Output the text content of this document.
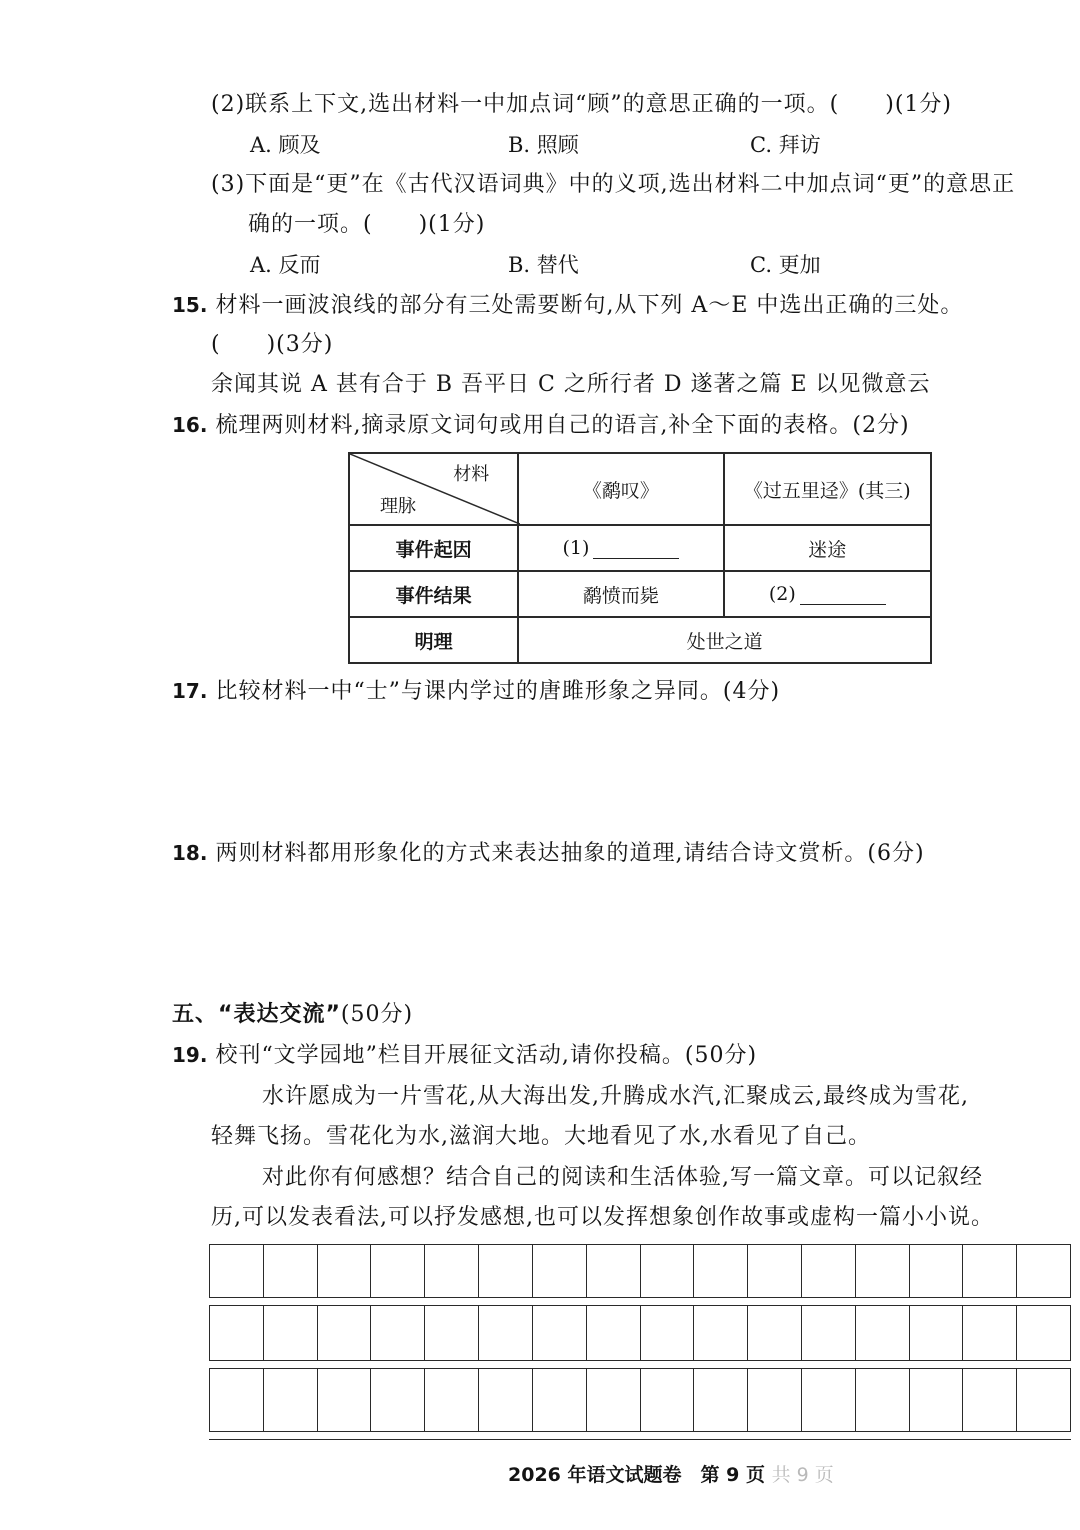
(2)联系上下文,选出材料一中加点词“顾”的意思正确的一项。(　　)(1分)
A. 顾及	B. 照顾	C. 拜访
(3)下面是“更”在《古代汉语词典》中的义项,选出材料二中加点词“更”的意思正
确的一项。(　　)(1分)
A. 反而	B. 替代	C. 更加
15. 材料一画波浪线的部分有三处需要断句,从下列 A～E 中选出正确的三处。
(　　)(3分)
余闻其说 A 甚有合于 B 吾平日 C 之所行者 D 遂著之篇 E 以见微意云
16. 梳理两则材料,摘录原文词句或用自己的语言,补全下面的表格。(2分)
材料
理脉	《鹬叹》	《过五里迳》(其三)
事件起因	(1)	迷途
事件结果	鹬愤而毙	(2)
明理	处世之道	
17. 比较材料一中“士”与课内学过的唐雎形象之异同。(4分)
18. 两则材料都用形象化的方式来表达抽象的道理,请结合诗文赏析。(6分)
五、“表达交流”(50分)
19. 校刊“文学园地”栏目开展征文活动,请你投稿。(50分)
水许愿成为一片雪花,从大海出发,升腾成水汽,汇聚成云,最终成为雪花,
轻舞飞扬。雪花化为水,滋润大地。大地看见了水,水看见了自己。
对此你有何感想？结合自己的阅读和生活体验,写一篇文章。可以记叙经
历,可以发表看法,可以抒发感想,也可以发挥想象创作故事或虚构一篇小小说。
2026 年语文试题卷　第 9 页 共 9 页
